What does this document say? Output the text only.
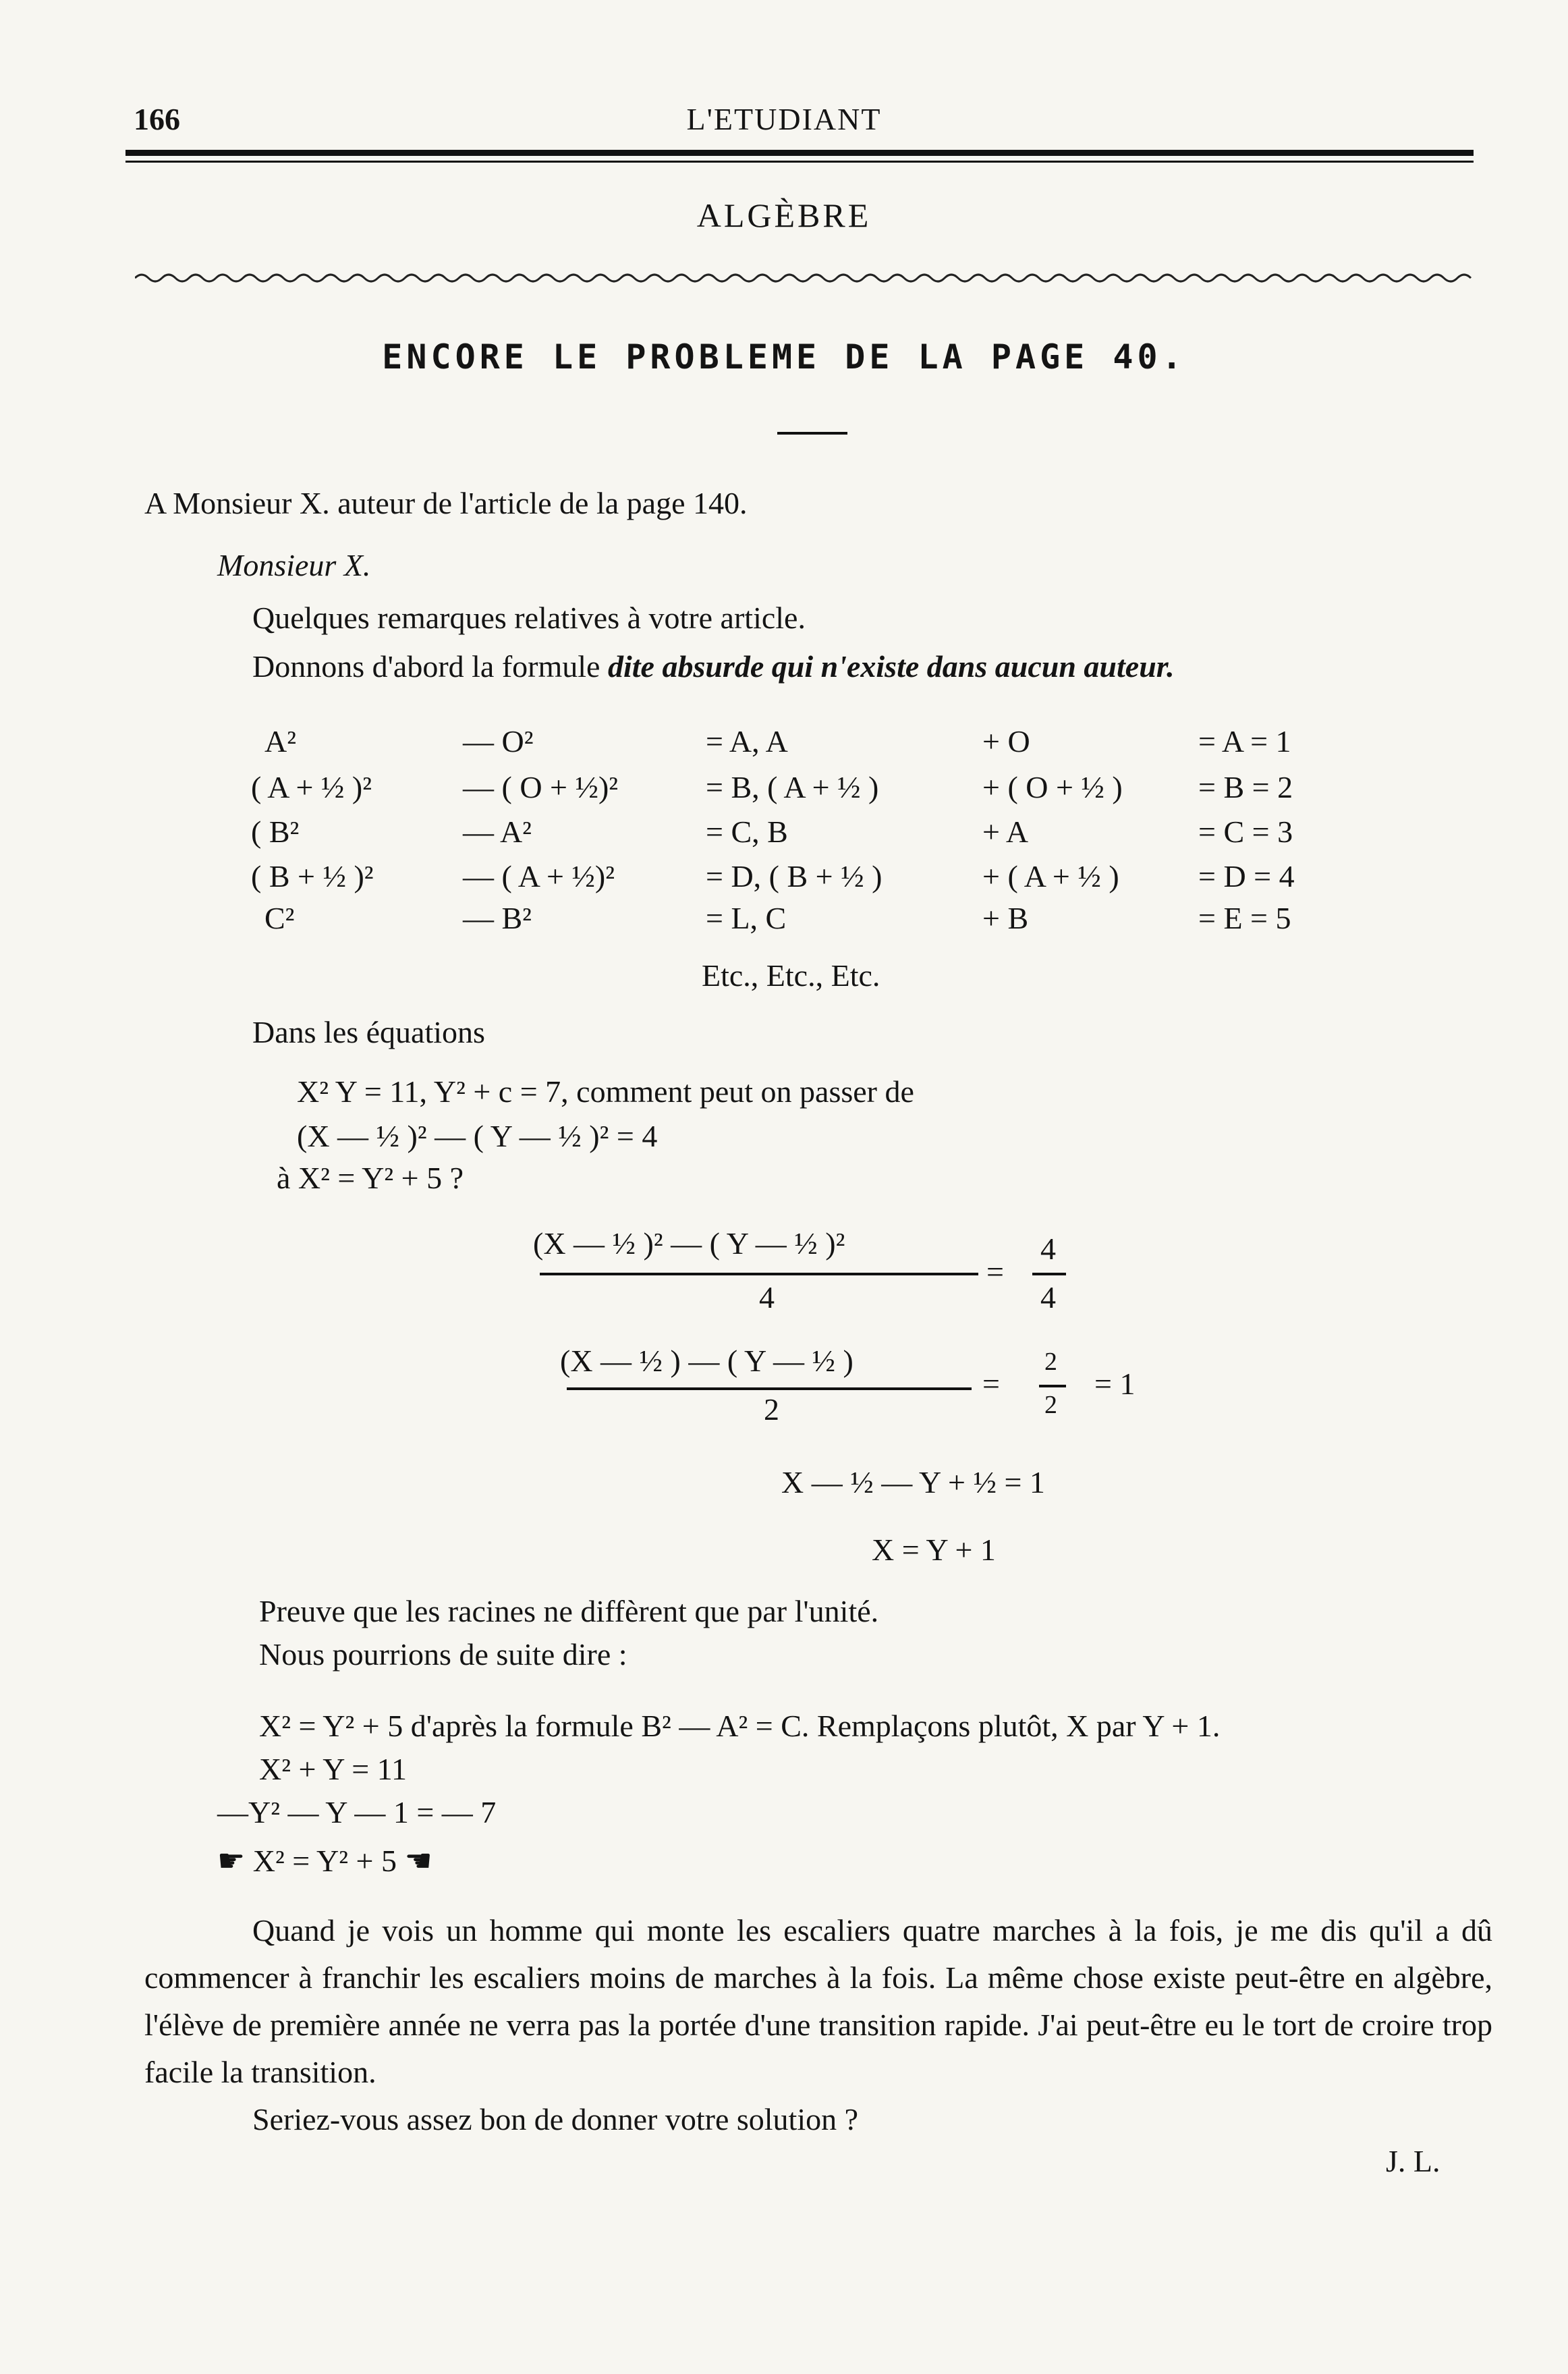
166	L'ETUDIANT
ALGÈBRE
ENCORE LE PROBLEME DE LA PAGE 40.
A Monsieur X. auteur de l'article de la page 140.
Monsieur X.
Quelques remarques relatives à votre article.
Donnons d'abord la formule dite absurde qui n'existe dans aucun auteur.
A²	— O²	= A, A	+ O	= A = 1
( A + ½ )²	— ( O + ½)²	= B, ( A + ½ )	+ ( O + ½ ) = B = 2
( B²	— A²	= C, B	+ A	= C = 3
( B + ½ )²	— ( A + ½)²	= D, ( B + ½ )	+ ( A + ½ )	= D = 4
C²	— B²	= L, C	+ B	= E = 5
Etc., Etc., Etc.
Dans les équations
X² Y = 11, Y² + c = 7, comment peut on passer de
(X — ½ )² — ( Y — ½ )² = 4
à X² = Y² + 5 ?
(X — ½ )² — ( Y — ½ )²
4
=
4
4
(X — ½ ) — ( Y — ½ )
2
=
2
2
= 1
X — ½ — Y + ½ = 1
X = Y + 1
Preuve que les racines ne diffèrent que par l'unité.
Nous pourrions de suite dire :
X² = Y² + 5 d'après la formule B² — A² = C. Remplaçons plutôt, X par Y + 1.
X² + Y = 11
—Y² — Y — 1 = — 7
☛ X² = Y² + 5 ☚

Quand je vois un homme qui monte les escaliers quatre marches à la fois, je me dis qu'il a dû commencer à franchir les escaliers moins de marches à la fois. La même chose existe peut-être en algèbre, l'élève de première année ne verra pas la portée d'une transition rapide. J'ai peut-être eu le tort de croire trop facile la transition.

Seriez-vous assez bon de donner votre solution ?

J. L.
